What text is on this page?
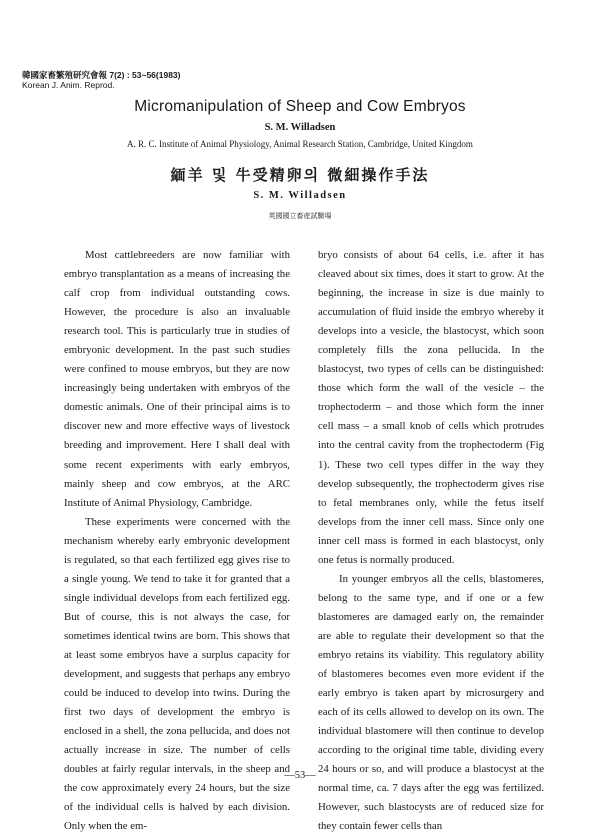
韓國家畜繁殖研究會報 7(2) : 53~56(1983)
Korean J. Anim. Reprod.
Micromanipulation of Sheep and Cow Embryos
S. M. Willadsen
A. R. C. Institute of Animal Physiology, Animal Research Station, Cambridge, United Kingdom
緬羊 및 牛受精卵의 微細操作手法
S. M. Willadsen
英國國立畜産試驗場

Most cattlebreeders are now familiar with embryo transplantation as a means of increasing the calf crop from individual outstanding cows. However, the procedure is also an invaluable research tool. This is particularly true in studies of embryonic development. In the past such studies were confined to mouse embryos, but they are now increasingly being undertaken with embryos of the domestic animals. One of their principal aims is to discover new and more effective ways of livestock breeding and improvement. Here I shall deal with some recent experiments with early embryos, mainly sheep and cow embryos, at the ARC Institute of Animal Physiology, Cambridge.

These experiments were concerned with the mechanism whereby early embryonic development is regulated, so that each fertilized egg gives rise to a single young. We tend to take it for granted that a single individual develops from each fertilized egg. But of course, this is not always the case, for sometimes identical twins are born. This shows that at least some embryos have a surplus capacity for development, and suggests that perhaps any embryo could be induced to develop into twins. During the first two days of development the embryo is enclosed in a shell, the zona pellucida, and does not actually increase in size. The number of cells doubles at fairly regular intervals, in the sheep and the cow approximately every 24 hours, but the size of the individual cells is halved by each division. Only when the em-

bryo consists of about 64 cells, i.e. after it has cleaved about six times, does it start to grow. At the beginning, the increase in size is due mainly to accumulation of fluid inside the embryo whereby it develops into a vesicle, the blastocyst, which soon completely fills the zona pellucida. In the blastocyst, two types of cells can be distinguished: those which form the wall of the vesicle – the trophectoderm – and those which form the inner cell mass – a small knob of cells which protrudes into the central cavity from the trophectoderm (Fig 1). These two cell types differ in the way they develop subsequently, the trophectoderm gives rise to fetal membranes only, while the fetus itself develops from the inner cell mass. Since only one inner cell mass is formed in each blastocyst, only one fetus is normally produced.

In younger embryos all the cells, blastomeres, belong to the same type, and if one or a few blastomeres are damaged early on, the remainder are able to regulate their development so that the embryo retains its viability. This regulatory ability of blastomeres becomes even more evident if the early embryo is taken apart by microsurgery and each of its cells allowed to develop on its own. The individual blastomere will then continue to develop according to the original time table, dividing every 24 hours or so, and will produce a blastocyst at the normal time, ca. 7 days after the egg was fertilized. However, such blastocysts are of reduced size for they contain fewer cells than

—53—
